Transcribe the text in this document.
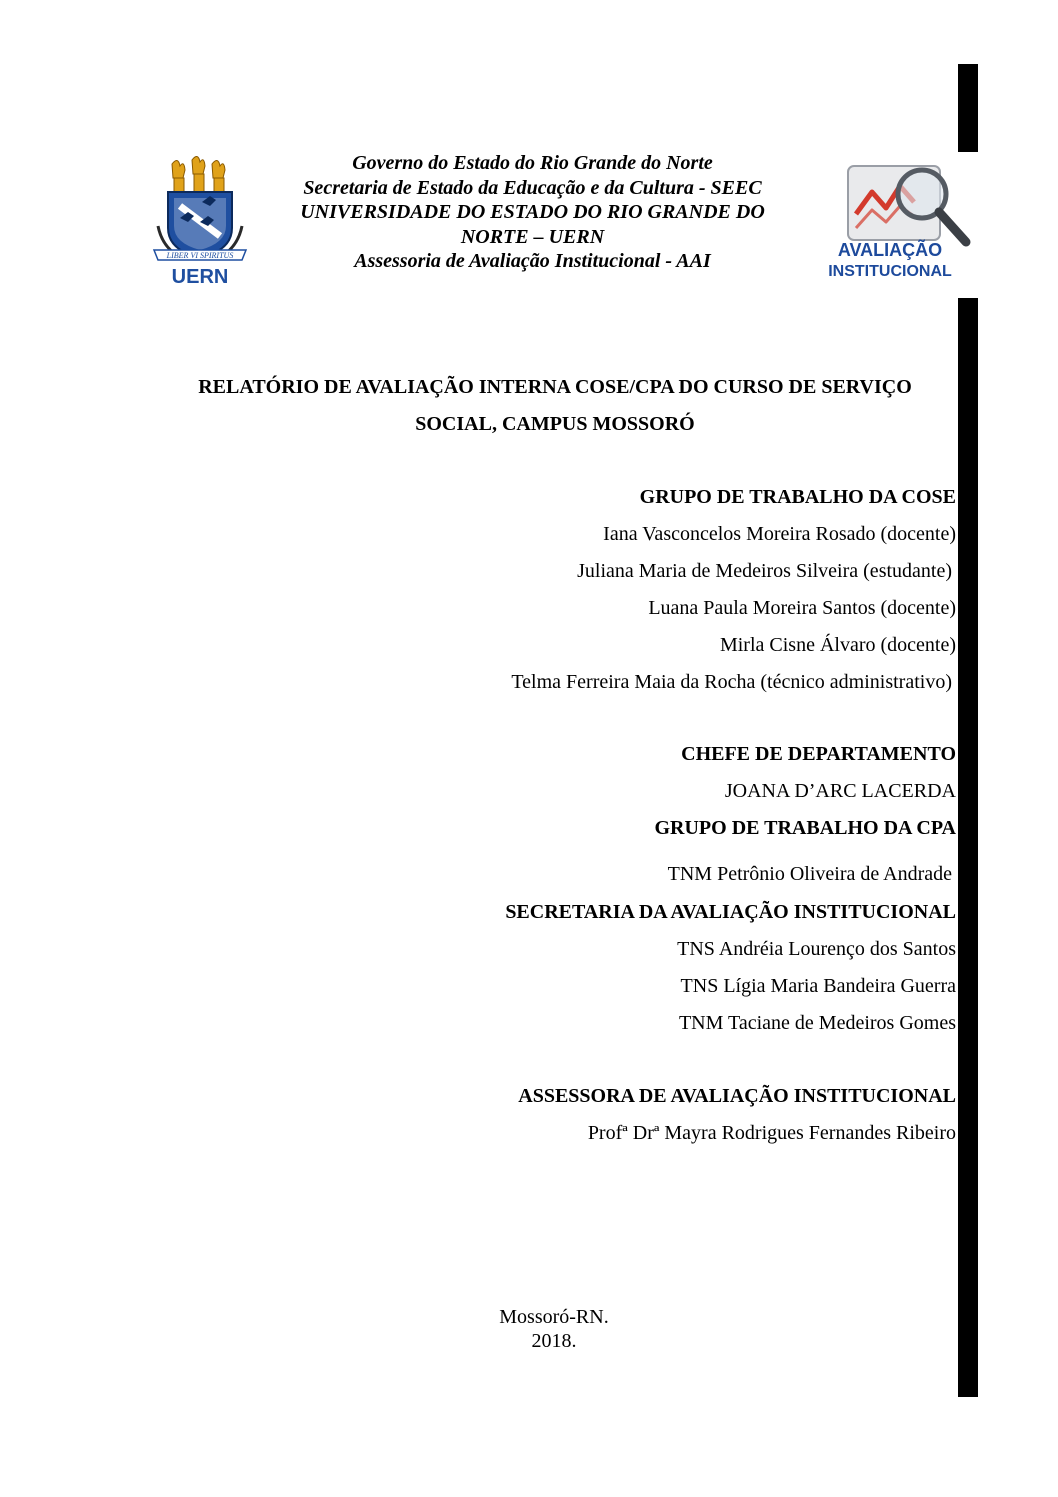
LIBER VI SPIRITUS
UERN
Governo do Estado do Rio Grande do Norte
Secretaria de Estado da Educação e da Cultura - SEEC
UNIVERSIDADE DO ESTADO DO RIO GRANDE DO
NORTE – UERN
Assessoria de Avaliação Institucional - AAI	AVALIAÇÃO
INSTITUCIONAL
RELATÓRIO DE AVALIAÇÃO INTERNA COSE/CPA DO CURSO DE SERVIÇO
SOCIAL, CAMPUS MOSSORÓ
GRUPO DE TRABALHO DA COSE
Iana Vasconcelos Moreira Rosado (docente)
Juliana Maria de Medeiros Silveira (estudante)
Luana Paula Moreira Santos (docente)
Mirla Cisne Álvaro (docente)
Telma Ferreira Maia da Rocha (técnico administrativo)
CHEFE DE DEPARTAMENTO
JOANA D’ARC LACERDA
GRUPO DE TRABALHO DA CPA
TNM Petrônio Oliveira de Andrade
SECRETARIA DA AVALIAÇÃO INSTITUCIONAL
TNS Andréia Lourenço dos Santos
TNS Lígia Maria Bandeira Guerra
TNM Taciane de Medeiros Gomes
ASSESSORA DE AVALIAÇÃO INSTITUCIONAL
Profª Drª Mayra Rodrigues Fernandes Ribeiro
Mossoró-RN.
2018.
